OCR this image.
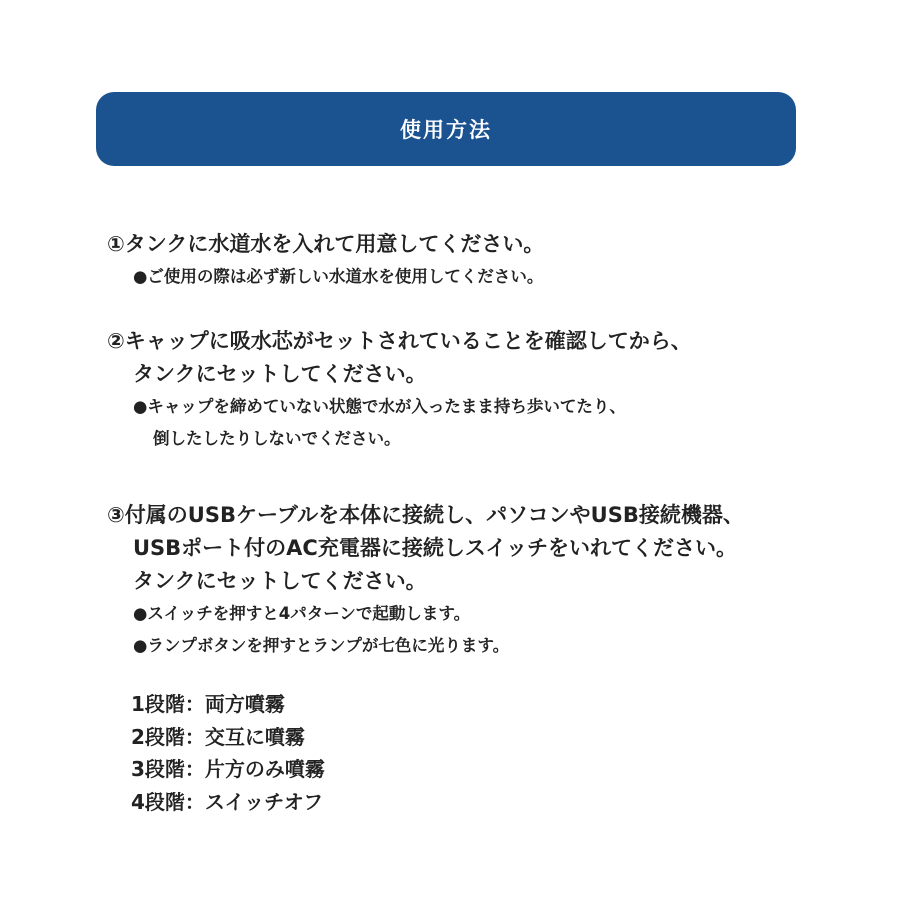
使用方法
①タンクに水道水を入れて用意してください。
●ご使用の際は必ず新しい水道水を使用してください。
②キャップに吸水芯がセットされていることを確認してから、
タンクにセットしてください。
●キャップを締めていない状態で水が入ったまま持ち歩いてたり、
倒したしたりしないでください。
③付属のUSBケーブルを本体に接続し、パソコンやUSB接続機器、
USBポート付のAC充電器に接続しスイッチをいれてください。
タンクにセットしてください。
●スイッチを押すと4パターンで起動します。
●ランプボタンを押すとランプが七色に光ります。
1段階：両方噴霧
2段階：交互に噴霧
3段階：片方のみ噴霧
4段階：スイッチオフ
